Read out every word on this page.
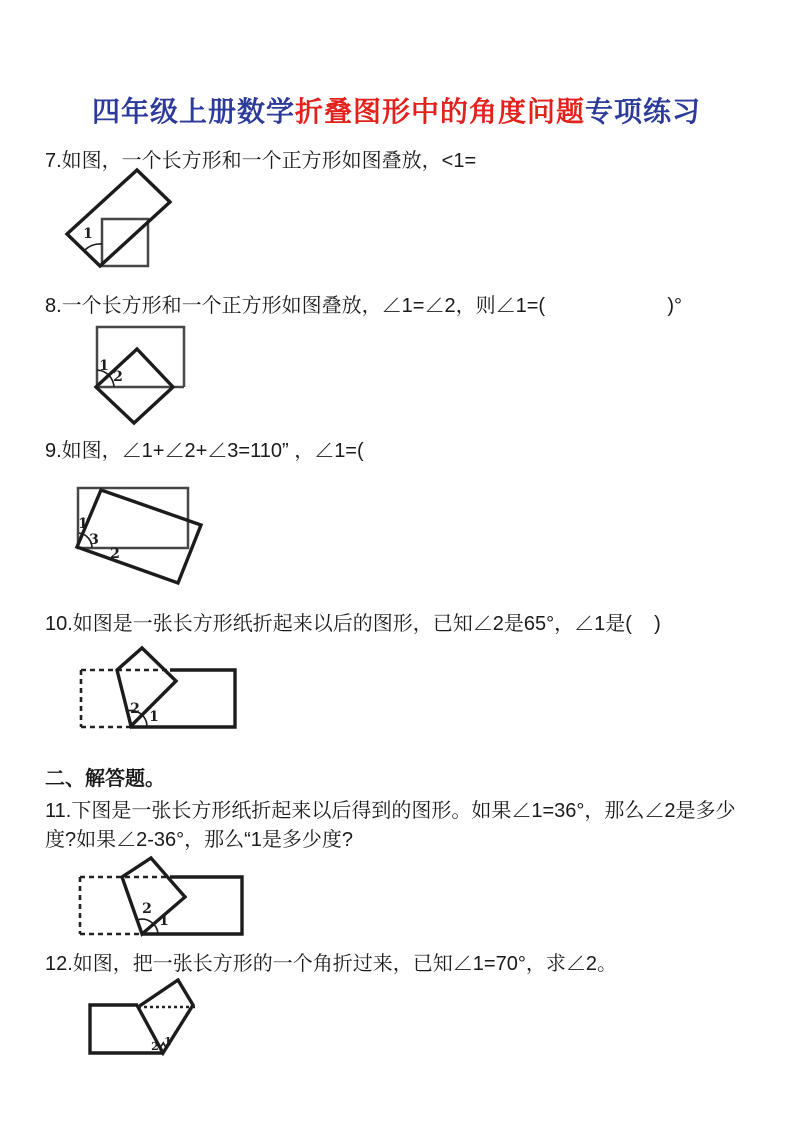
四年级上册数学折叠图形中的角度问题专项练习
7.如图，一个长方形和一个正方形如图叠放，<1=
1
8.一个长方形和一个正方形如图叠放，∠1=∠2，则∠1=(                      )°
1
2
9.如图，∠1+∠2+∠3=110” ，∠1=(
1
3
2
10.如图是一张长方形纸折起来以后的图形，已知∠2是65°，∠1是(    )
2 1
二、解答题。
11.下图是一张长方形纸折起来以后得到的图形。如果∠1=36°，那么∠2是多少度?如果∠2-36°，那么“1是多少度?
2
1
12.如图，把一张长方形的一个角折过来，已知∠1=70°，求∠2。
2 1
